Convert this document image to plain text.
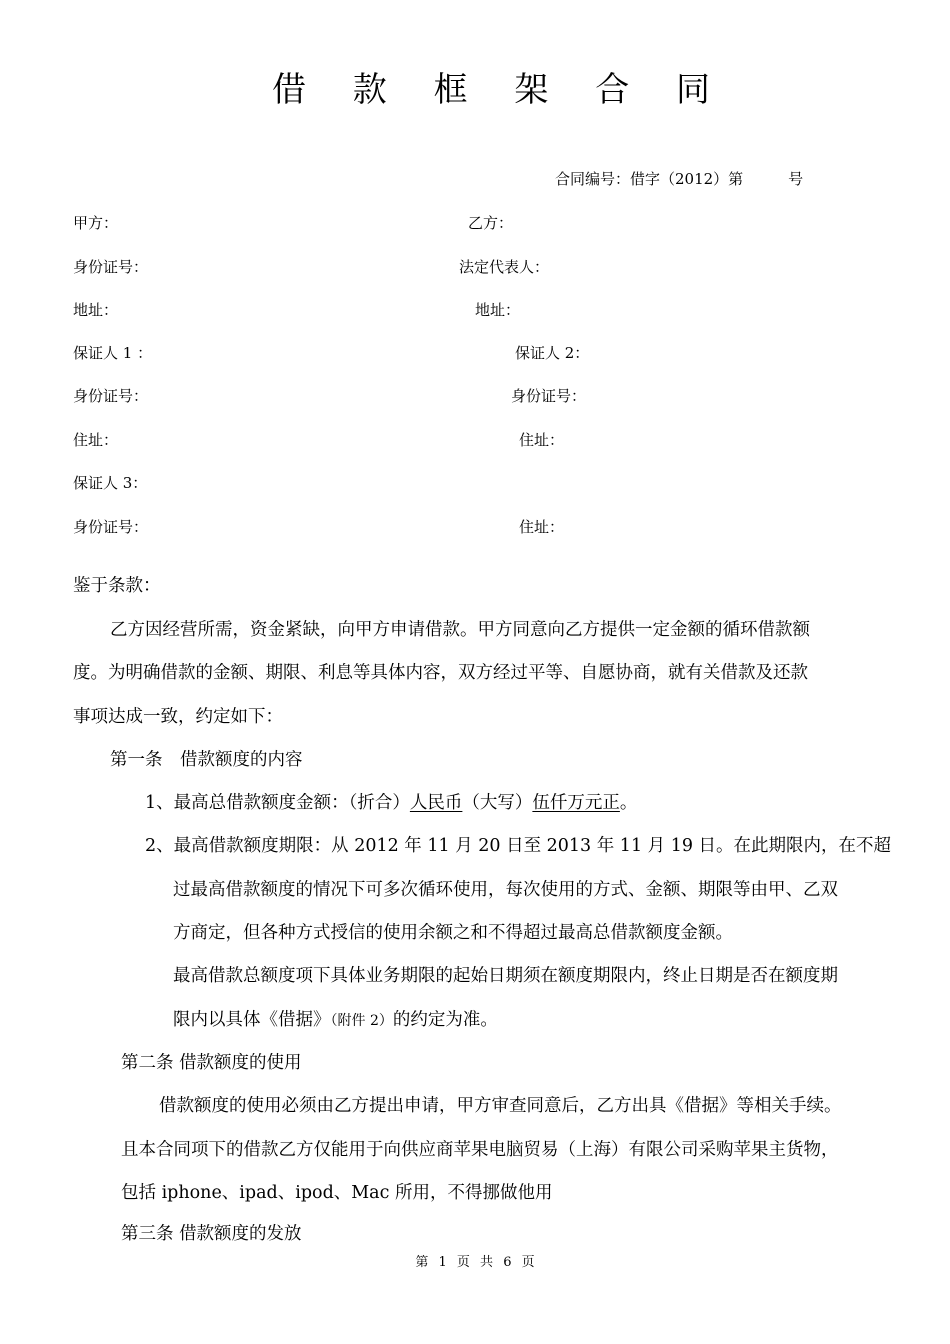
借 款 框 架 合 同
合同编号：借字（2012）第　　　号
甲方：	乙方：
身份证号：	法定代表人：
地址：	地址：
保证人 1 ：	保证人 2：
身份证号：	身份证号：
住址：	住址：
保证人 3：
身份证号：	住址：
鉴于条款：
乙方因经营所需，资金紧缺，向甲方申请借款。甲方同意向乙方提供一定金额的循环借款额
度。为明确借款的金额、期限、利息等具体内容，双方经过平等、自愿协商，就有关借款及还款
事项达成一致，约定如下：
第一条　借款额度的内容
1、最高总借款额度金额：（折合）人民币（大写）伍仟万元正。
2、最高借款额度期限：从 2012 年 11 月 20 日至 2013 年 11 月 19 日。在此期限内，在不超
过最高借款额度的情况下可多次循环使用，每次使用的方式、金额、期限等由甲、乙双
方商定，但各种方式授信的使用余额之和不得超过最高总借款额度金额。
最高借款总额度项下具体业务期限的起始日期须在额度期限内，终止日期是否在额度期
限内以具体《借据》（附件 2）的约定为准。
第二条 借款额度的使用
借款额度的使用必须由乙方提出申请，甲方审查同意后，乙方出具《借据》等相关手续。
且本合同项下的借款乙方仅能用于向供应商苹果电脑贸易（上海）有限公司采购苹果主货物，
包括 iphone、ipad、ipod、Mac 所用，不得挪做他用
第三条 借款额度的发放
第 1 页 共 6 页
